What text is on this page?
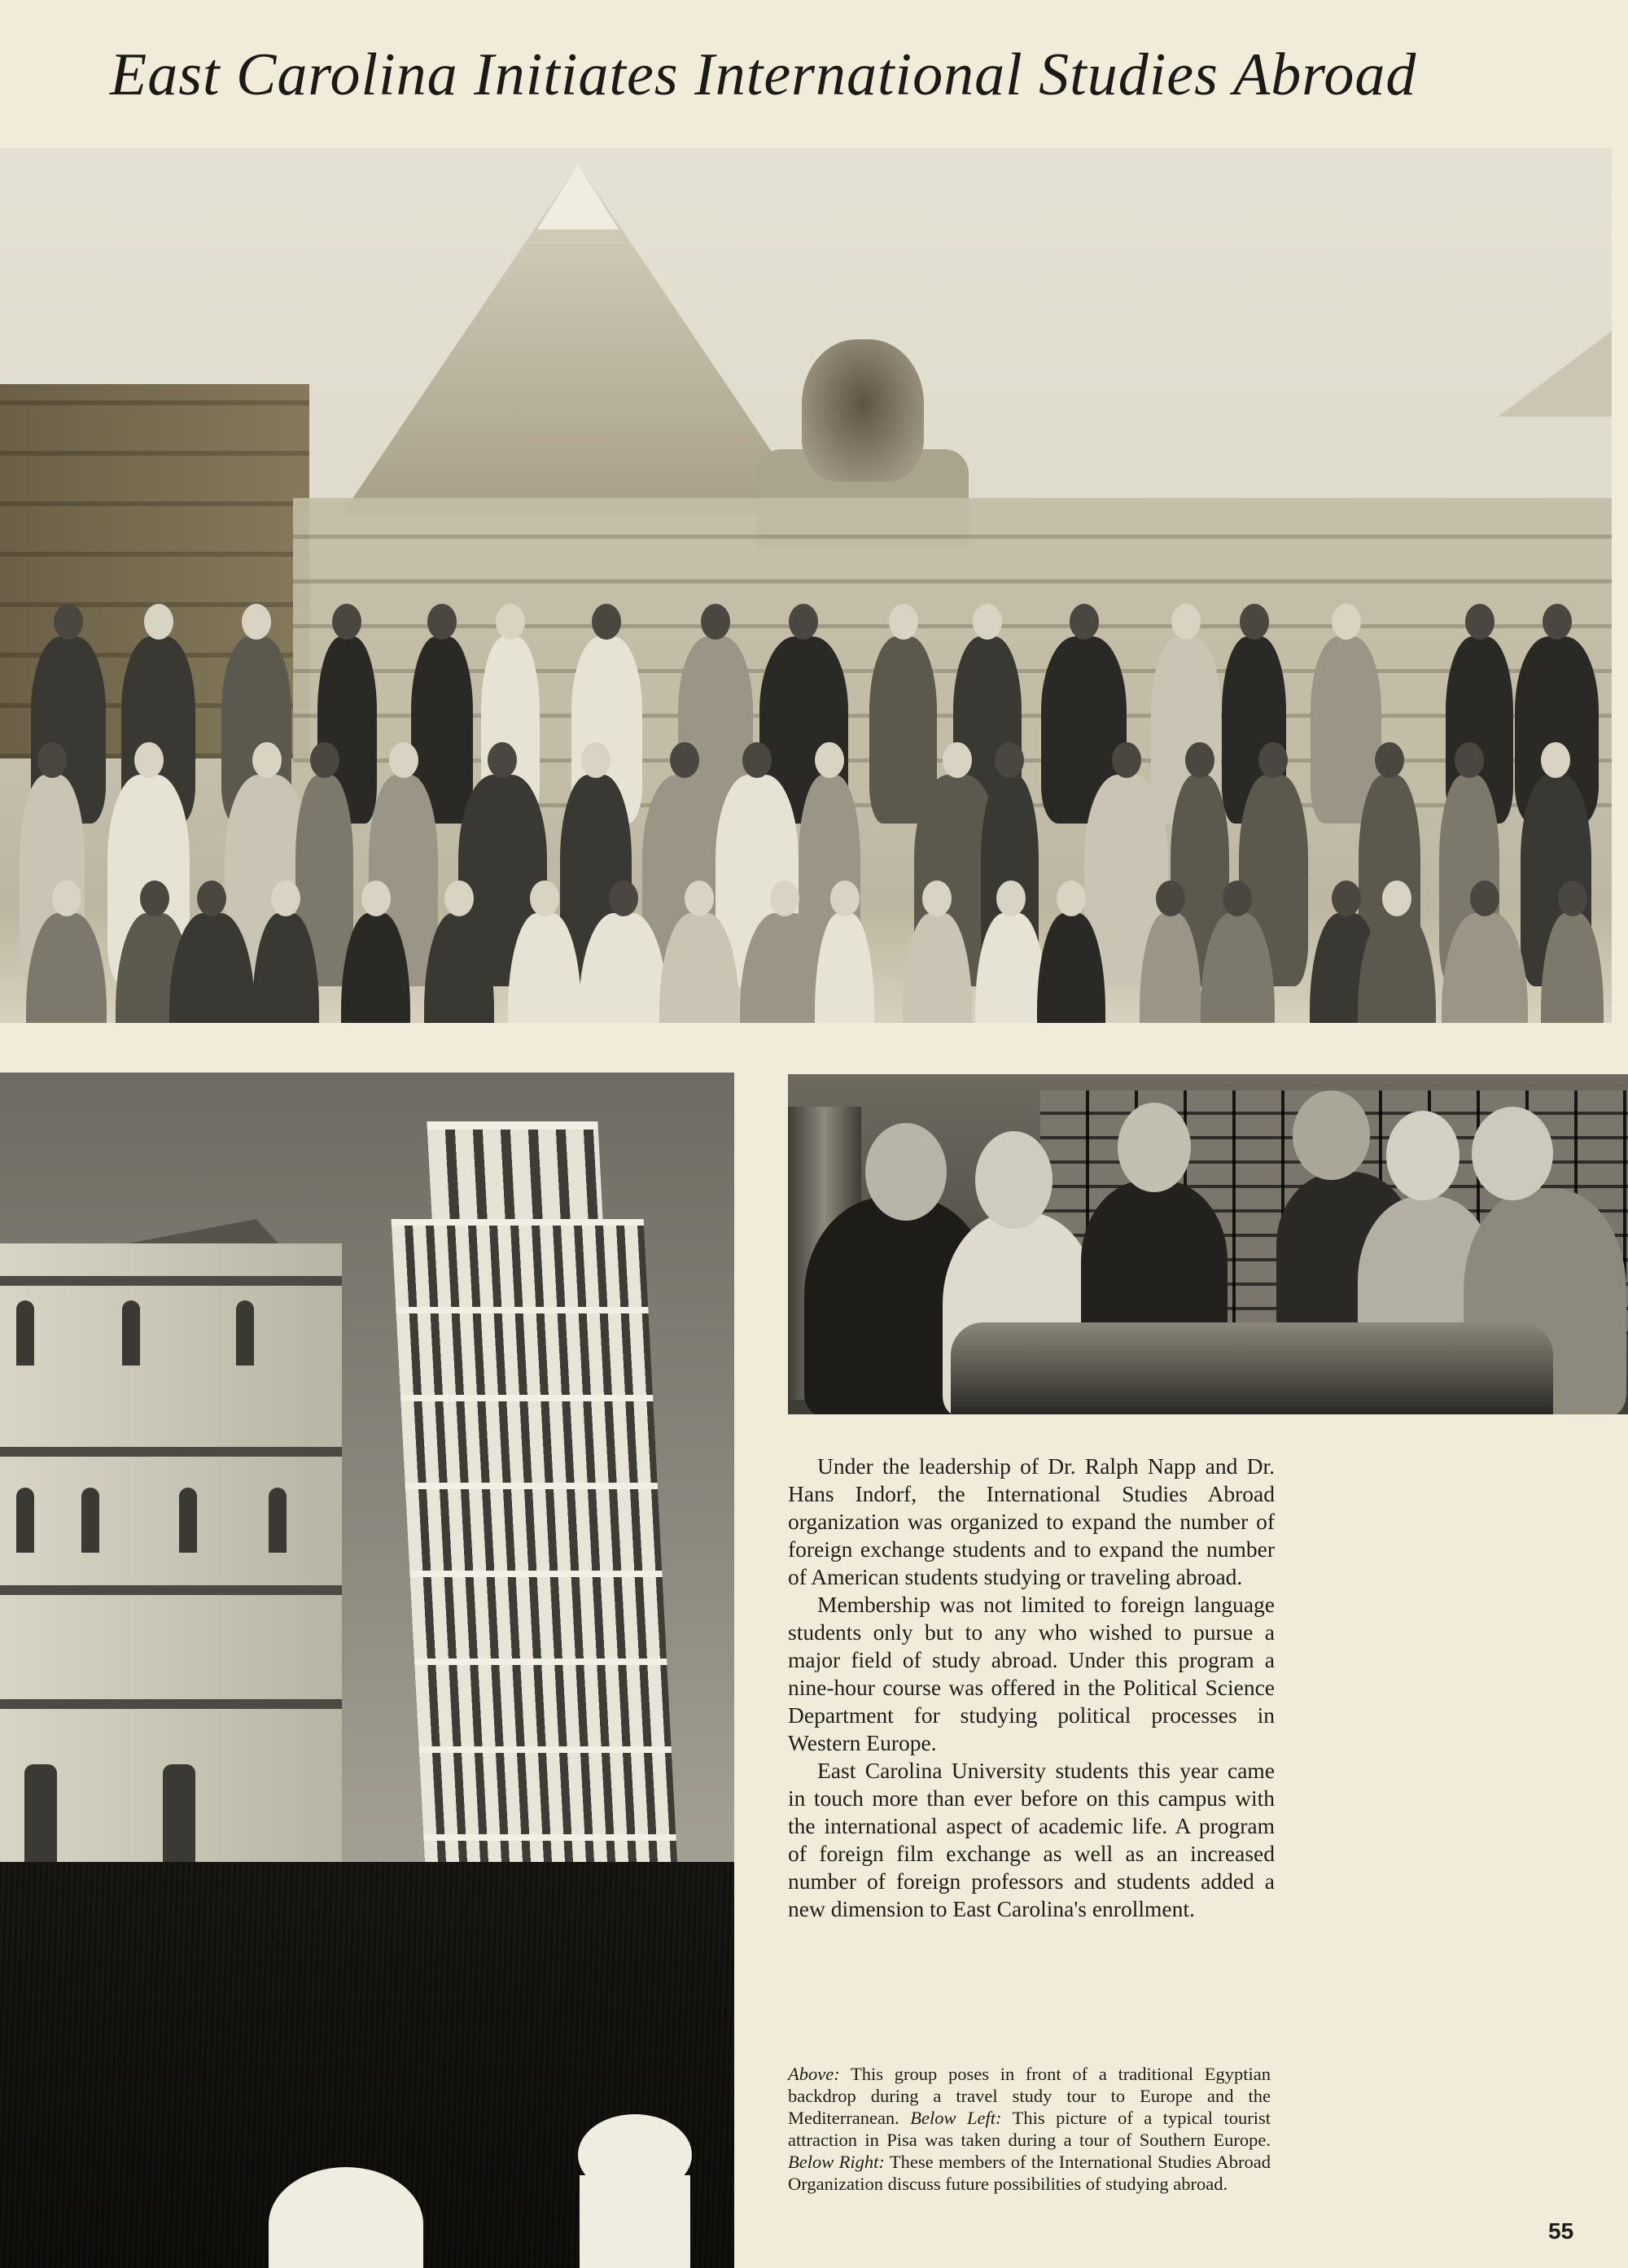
East Carolina Initiates International Studies Abroad

Under the leadership of Dr. Ralph Napp and Dr. Hans Indorf, the International Studies Abroad organization was organized to expand the number of foreign exchange students and to expand the number of American students studying or traveling abroad.

Membership was not limited to foreign language students only but to any who wished to pursue a major field of study abroad. Under this program a nine-hour course was offered in the Political Science Department for studying political processes in Western Europe.

East Carolina University students this year came in touch more than ever before on this campus with the international aspect of academic life. A program of foreign film exchange as well as an increased number of foreign professors and students added a new dimension to East Carolina's enrollment.

Above: This group poses in front of a traditional Egyptian backdrop during a travel study tour to Europe and the Mediterranean. Below Left: This picture of a typical tourist attraction in Pisa was taken during a tour of Southern Europe. Below Right: These members of the International Studies Abroad Organization discuss future possibilities of studying abroad.
55
